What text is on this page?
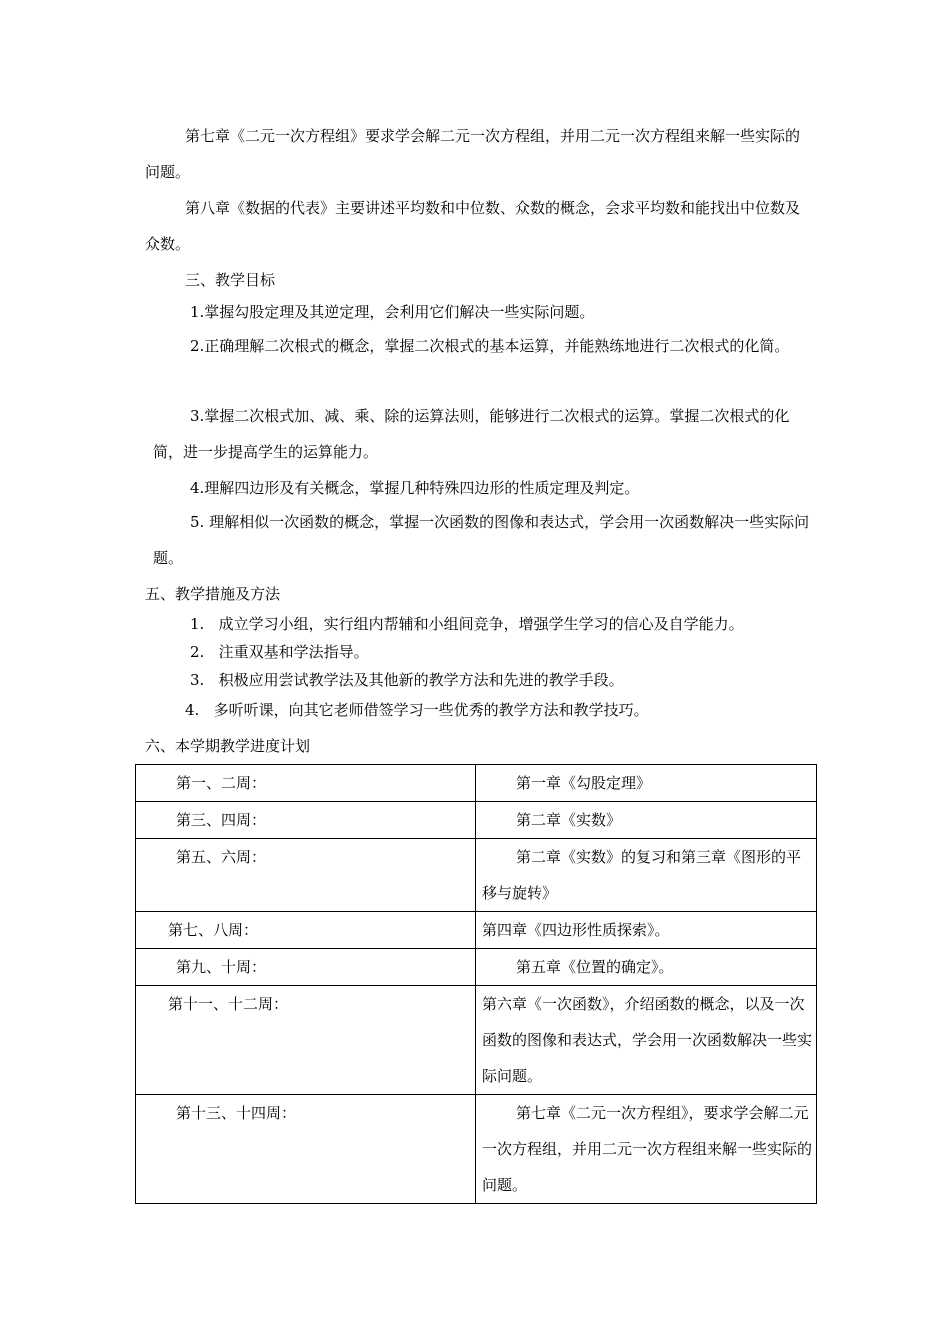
第七章《二元一次方程组》要求学会解二元一次方程组，并用二元一次方程组来解一些实际的问题。

第八章《数据的代表》主要讲述平均数和中位数、众数的概念，会求平均数和能找出中位数及众数。

三、教学目标

1.掌握勾股定理及其逆定理，会利用它们解决一些实际问题。

2.正确理解二次根式的概念，掌握二次根式的基本运算，并能熟练地进行二次根式的化简。

3.掌握二次根式加、减、乘、除的运算法则，能够进行二次根式的运算。掌握二次根式的化简，进一步提高学生的运算能力。

4.理解四边形及有关概念，掌握几种特殊四边形的性质定理及判定。

5. 理解相似一次函数的概念，掌握一次函数的图像和表达式，学会用一次函数解决一些实际问题。

五、教学措施及方法

1. 成立学习小组，实行组内帮辅和小组间竞争，增强学生学习的信心及自学能力。

2. 注重双基和学法指导。

3. 积极应用尝试教学法及其他新的教学方法和先进的教学手段。

4. 多听听课，向其它老师借签学习一些优秀的教学方法和教学技巧。

六、本学期教学进度计划

第一、二周：	第一章《勾股定理》
第三、四周：	第二章《实数》
第五、六周：	第二章《实数》的复习和第三章《图形的平移与旋转》
第七、八周：	第四章《四边形性质探索》。
第九、十周：	第五章《位置的确定》。
第十一、十二周：	第六章《一次函数》，介绍函数的概念，以及一次函数的图像和表达式，学会用一次函数解决一些实际问题。
第十三、十四周：	第七章《二元一次方程组》，要求学会解二元一次方程组，并用二元一次方程组来解一些实际的问题。
